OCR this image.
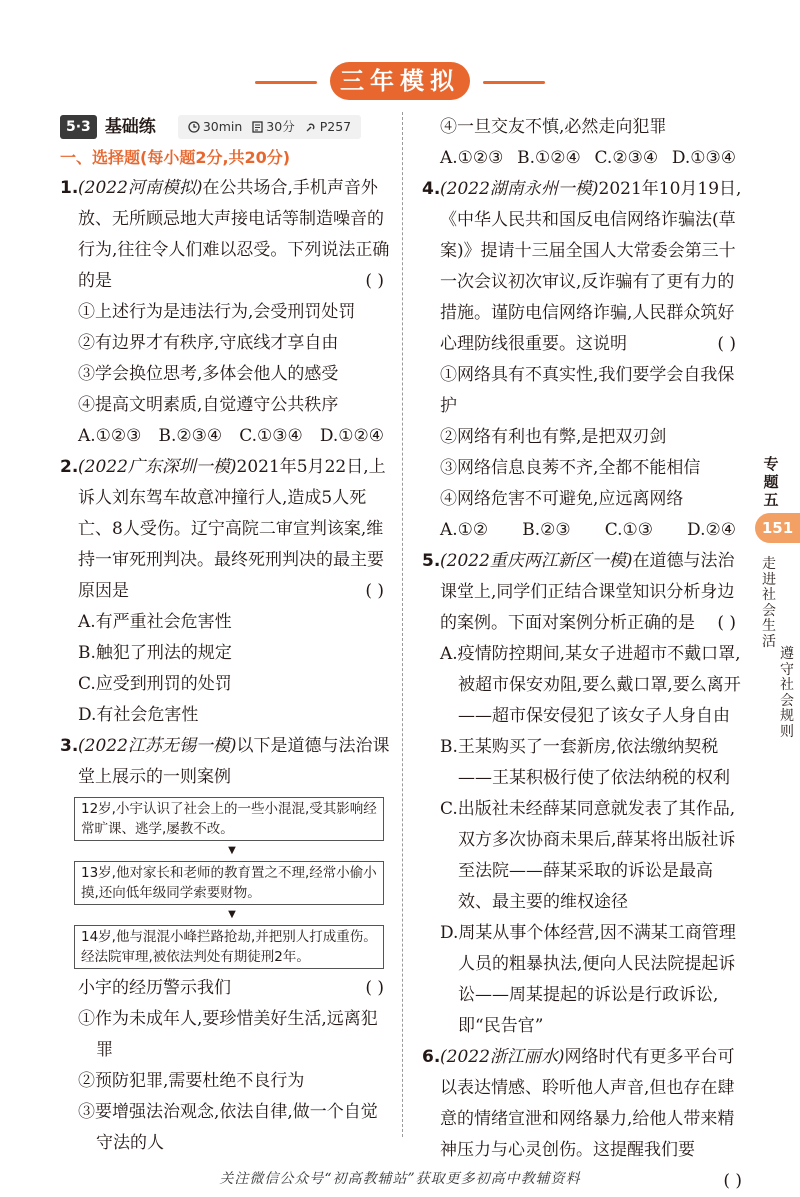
三年模拟
5·3 基础练	30min 30分 P257
一、选择题(每小题2分,共20分)
1. (2022河南模拟)在公共场合,手机声音外放、无所顾忌地大声接电话等制造噪音的行为,往往令人们难以忍受。下列说法正确的是	( )
①上述行为是违法行为,会受刑罚处罚
②有边界才有秩序,守底线才享自由
③学会换位思考,多体会他人的感受
④提高文明素质,自觉遵守公共秩序
A.①②③ B.②③④ C.①③④ D.①②④
2. (2022广东深圳一模)2021年5月22日,上诉人刘东驾车故意冲撞行人,造成5人死亡、8人受伤。辽宁高院二审宣判该案,维持一审死刑判决。最终死刑判决的最主要原因是	( )
A.有严重社会危害性
B.触犯了刑法的规定
C.应受到刑罚的处罚
D.有社会危害性
3. (2022江苏无锡一模)以下是道德与法治课堂上展示的一则案例
12岁,小宇认识了社会上的一些小混混,受其影响经常旷课、逃学,屡教不改。
▼
13岁,他对家长和老师的教育置之不理,经常小偷小摸,还向低年级同学索要财物。
▼
14岁,他与混混小峰拦路抢劫,并把别人打成重伤。经法院审理,被依法判处有期徒刑2年。
小宇的经历警示我们	( )
①作为未成年人,要珍惜美好生活,远离犯罪
②预防犯罪,需要杜绝不良行为
③要增强法治观念,依法自律,做一个自觉守法的人
④一旦交友不慎,必然走向犯罪
A.①②③ B.①②④ C.②③④ D.①③④
4. (2022湖南永州一模)2021年10月19日,《中华人民共和国反电信网络诈骗法(草案)》提请十三届全国人大常委会第三十一次会议初次审议,反诈骗有了更有力的措施。谨防电信网络诈骗,人民群众筑好心理防线很重要。这说明	( )
①网络具有不真实性,我们要学会自我保护
②网络有利也有弊,是把双刃剑
③网络信息良莠不齐,全都不能相信
④网络危害不可避免,应远离网络
A.①② B.②③ C.①③ D.②④
5. (2022重庆两江新区一模)在道德与法治课堂上,同学们正结合课堂知识分析身边的案例。下面对案例分析正确的是 ( )
A.疫情防控期间,某女子进超市不戴口罩,被超市保安劝阻,要么戴口罩,要么离开——超市保安侵犯了该女子人身自由
B.王某购买了一套新房,依法缴纳契税——王某积极行使了依法纳税的权利
C.出版社未经薛某同意就发表了其作品,双方多次协商未果后,薛某将出版社诉至法院——薛某采取的诉讼是最高效、最主要的维权途径
D.周某从事个体经营,因不满某工商管理人员的粗暴执法,便向人民法院提起诉讼——周某提起的诉讼是行政诉讼,即“民告官”
6. (2022浙江丽水)网络时代有更多平台可以表达情感、聆听他人声音,但也存在肆意的情绪宣泄和网络暴力,给他人带来精神压力与心灵创伤。这提醒我们要
( )
专题五
151
走进社会生活
遵守社会规则
关注微信公众号“初高教辅站”获取更多初高中教辅资料
